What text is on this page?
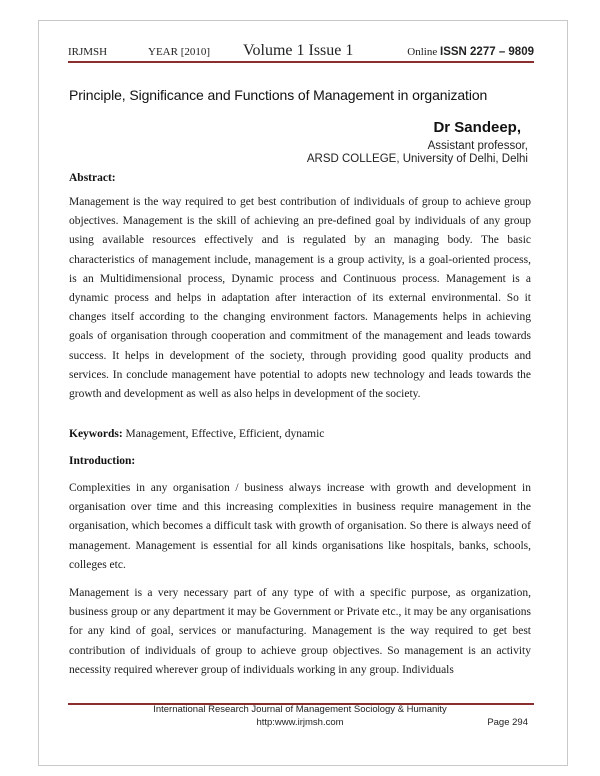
IRJMSH	YEAR [2010] Volume 1 Issue 1	Online ISSN 2277 – 9809
Principle, Significance and Functions of Management in organization
Dr Sandeep,
Assistant professor,
ARSD COLLEGE, University of Delhi, Delhi
Abstract:

Management is the way required to get best contribution of individuals of group to achieve group objectives. Management is the skill of achieving an pre-defined goal by individuals of any group using available resources effectively and is regulated by an managing body. The basic characteristics of management include, management is a group activity, is a goal-oriented process, is an Multidimensional process, Dynamic process and Continuous process. Management is a dynamic process and helps in adaptation after interaction of its external environmental. So it changes itself according to the changing environment factors. Managements helps in achieving goals of organisation through cooperation and commitment of the management and leads towards success. It helps in development of the society, through providing good quality products and services. In conclude management have potential to adopts new technology and leads towards the growth and development as well as also helps in development of the society.

Keywords: Management, Effective, Efficient, dynamic
Introduction:

Complexities in any organisation / business always increase with growth and development in organisation over time and this increasing complexities in business require management in the organisation, which becomes a difficult task with growth of organisation. So there is always need of management. Management is essential for all kinds organisations like hospitals, banks, schools, colleges etc.

Management is a very necessary part of any type of with a specific purpose, as organization, business group or any department it may be Government or Private etc., it may be any organisations for any kind of goal, services or manufacturing. Management is the way required to get best contribution of individuals of group to achieve group objectives. So management is an activity necessity required wherever group of individuals working in any group. Individuals

International Research Journal of Management Sociology & Humanity
http:www.irjmsh.com	Page 294
